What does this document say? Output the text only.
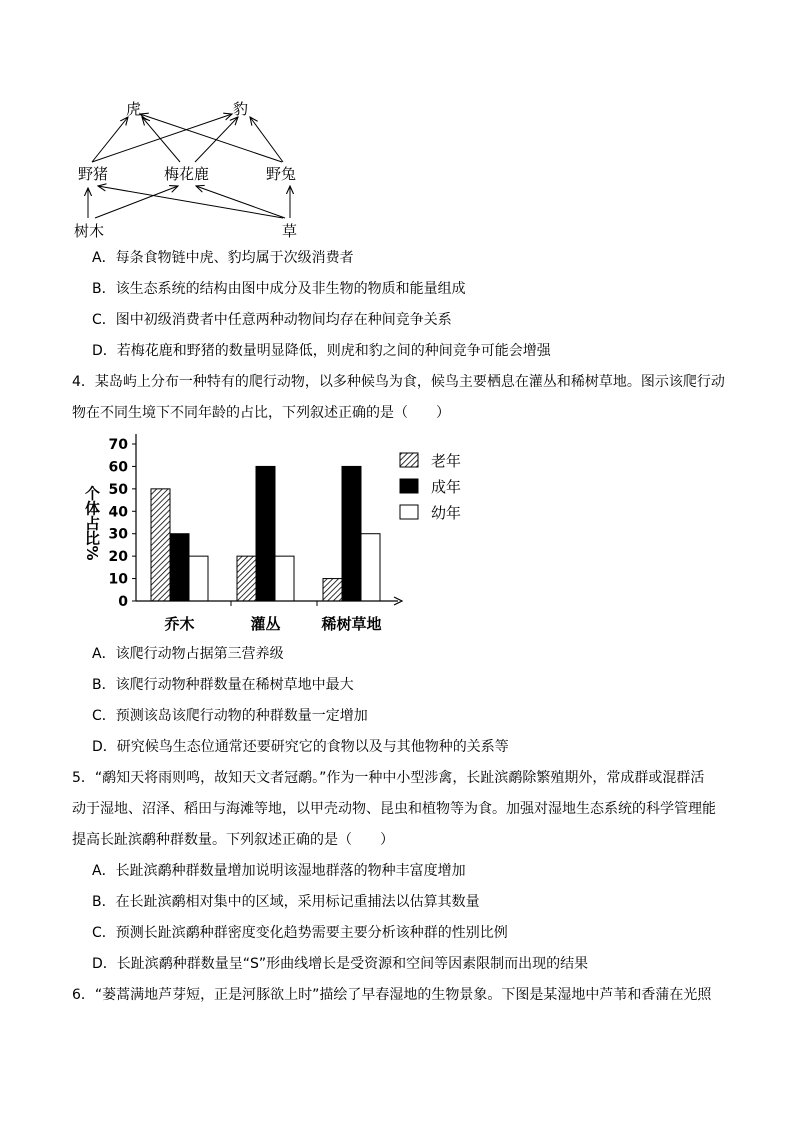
虎	豹
野猪	梅花鹿	野兔
树木	草
A．每条食物链中虎、豹均属于次级消费者
B．该生态系统的结构由图中成分及非生物的物质和能量组成
C．图中初级消费者中任意两种动物间均存在种间竞争关系
D．若梅花鹿和野猪的数量明显降低，则虎和豹之间的种间竞争可能会增强
4．某岛屿上分布一种特有的爬行动物，以多种候鸟为食，候鸟主要栖息在灌丛和稀树草地。图示该爬行动
物在不同生境下不同年龄的占比，下列叙述正确的是（　　）
0
10
20
30
40
50
60
70
乔木	灌丛	稀树草地
老年
成年
幼年
个体占比%
A．该爬行动物占据第三营养级
B．该爬行动物种群数量在稀树草地中最大
C．预测该岛该爬行动物的种群数量一定增加
D．研究候鸟生态位通常还要研究它的食物以及与其他物种的关系等
5．“鹬知天将雨则鸣，故知天文者冠鹬。”作为一种中小型涉禽，长趾滨鹬除繁殖期外，常成群或混群活
动于湿地、沼泽、稻田与海滩等地，以甲壳动物、昆虫和植物等为食。加强对湿地生态系统的科学管理能
提高长趾滨鹬种群数量。下列叙述正确的是（　　）
A．长趾滨鹬种群数量增加说明该湿地群落的物种丰富度增加
B．在长趾滨鹬相对集中的区域，采用标记重捕法以估算其数量
C．预测长趾滨鹬种群密度变化趋势需要主要分析该种群的性别比例
D．长趾滨鹬种群数量呈“S”形曲线增长是受资源和空间等因素限制而出现的结果
6．“蒌蒿满地芦芽短，正是河豚欲上时”描绘了早春湿地的生物景象。下图是某湿地中芦苇和香蒲在光照
